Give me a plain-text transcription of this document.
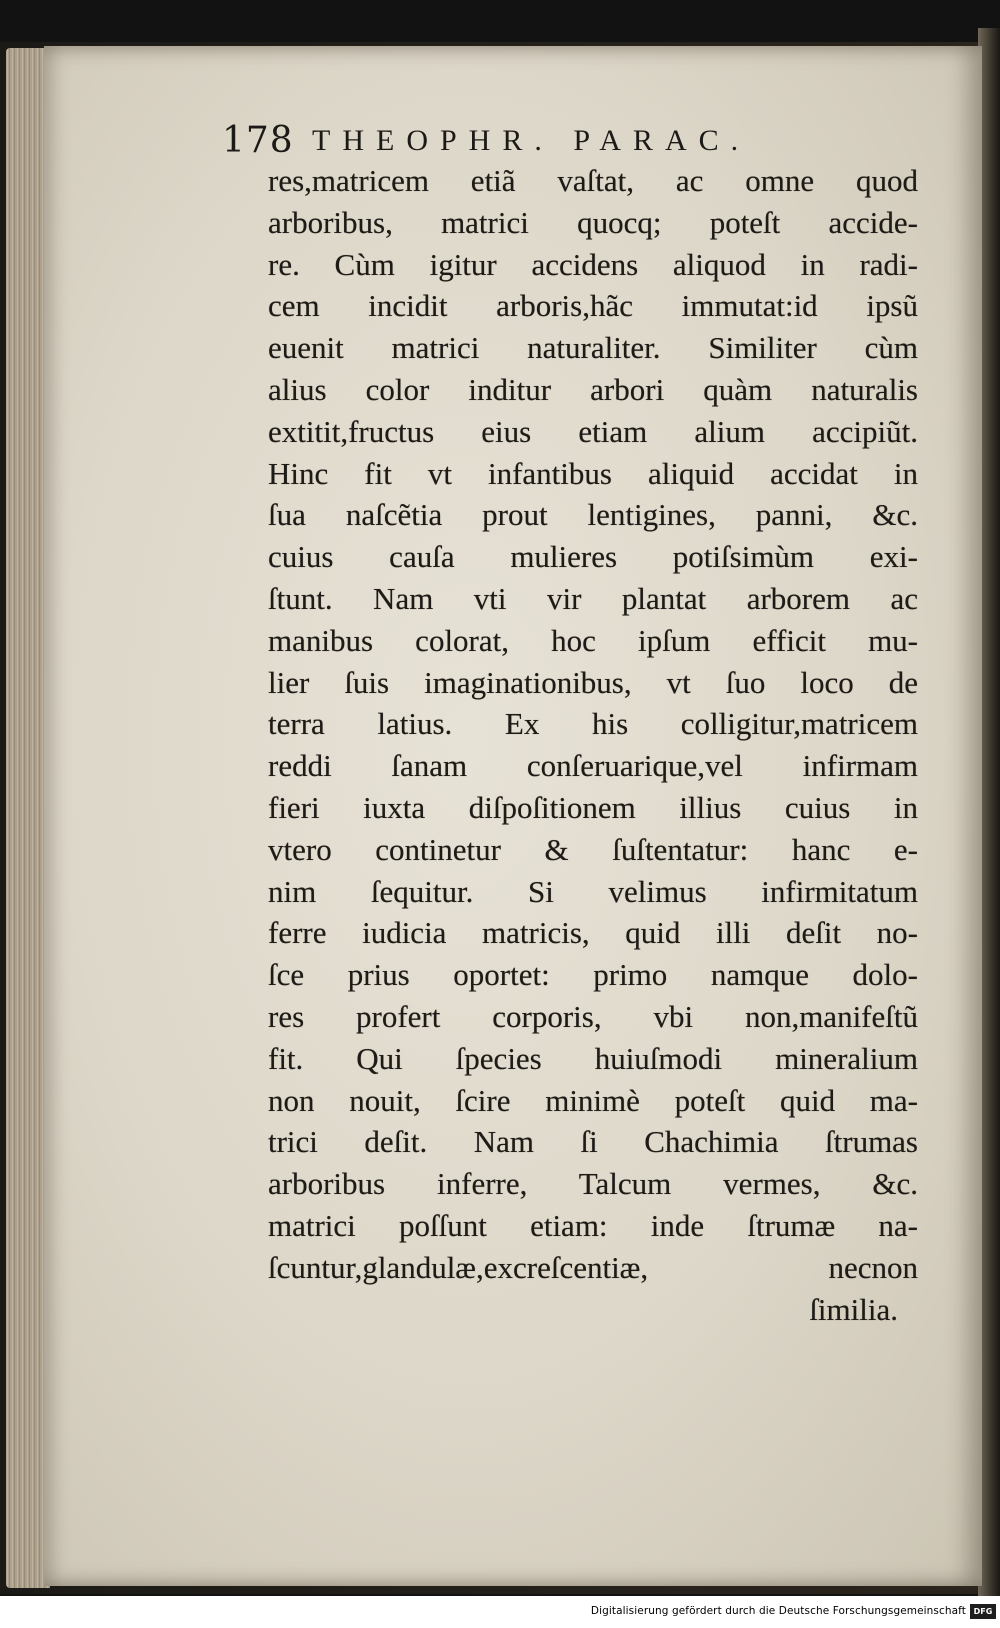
178 THEOPHR. PARAC.
res,matricem etiã vaſtat, ac omne quod
arboribus, matrici quocq; poteſt accide-
re. Cùm igitur accidens aliquod in radi-
cem incidit arboris,hãc immutat:id ipsũ
euenit matrici naturaliter. Similiter cùm
alius color inditur arbori quàm naturalis
extitit,fructus eius etiam alium accipiũt.
Hinc fit vt infantibus aliquid accidat in
ſua naſcẽtia prout lentigines, panni, &c.
cuius cauſa mulieres potiſsimùm exi-
ſtunt. Nam vti vir plantat arborem ac
manibus colorat, hoc ipſum efficit mu-
lier ſuis imaginationibus, vt ſuo loco de
terra latius. Ex his colligitur,matricem
reddi ſanam conſeruarique,vel infirmam
fieri iuxta diſpoſitionem illius cuius in
vtero continetur & ſuſtentatur: hanc e-
nim ſequitur. Si velimus infirmitatum
ferre iudicia matricis, quid illi deſit no-
ſce prius oportet: primo namque dolo-
res profert corporis, vbi non,manifeſtũ
fit. Qui ſpecies huiuſmodi mineralium
non nouit, ſcire minimè poteſt quid ma-
trici deſit. Nam ſi Chachimia ſtrumas
arboribus inferre, Talcum vermes, &c.
matrici poſſunt etiam: inde ſtrumæ na-
ſcuntur,glandulæ,excreſcentiæ, necnon
ſimilia.
Digitalisierung gefördert durch die Deutsche Forschungsgemeinschaft DFG
